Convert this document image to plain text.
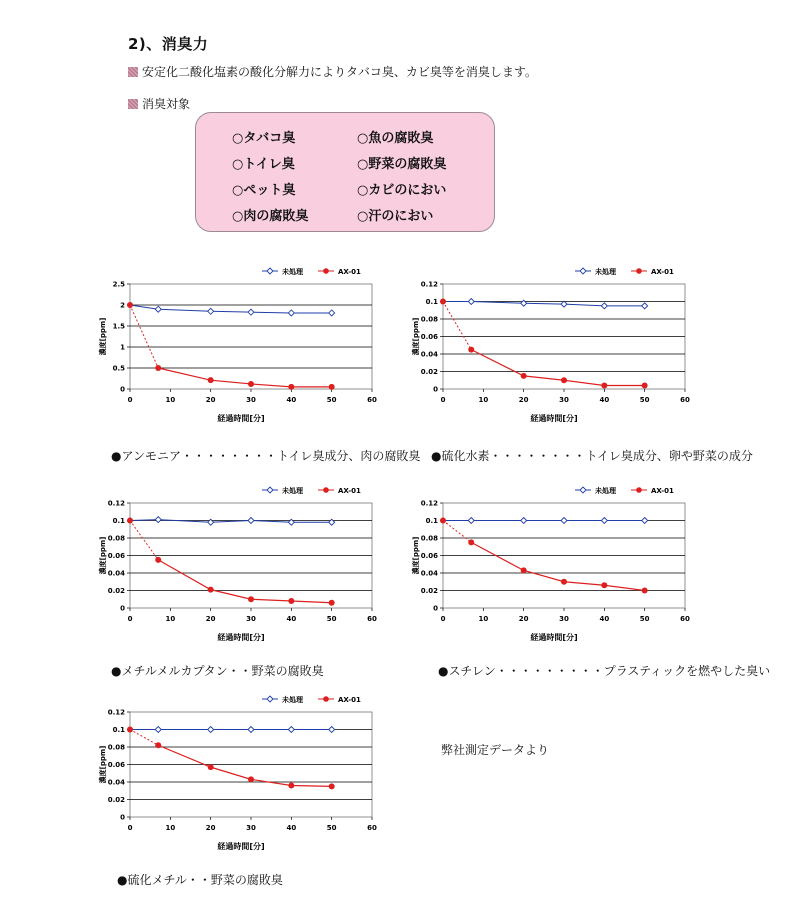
2)、消臭力
安定化二酸化塩素の酸化分解力によりタバコ臭、カビ臭等を消臭します。
消臭対象
○タバコ臭	○魚の腐敗臭
○トイレ臭	○野菜の腐敗臭
○ペット臭	○カビのにおい
○肉の腐敗臭	○汗のにおい
0
0.5
1
1.5
2
2.5
0	10	20	30	40	50	60
経過時間[分]
濃度[ppm]
未処理	AX-01
0
0.02
0.04
0.06
0.08
0.1
0.12
0	10	20	30	40	50	60
経過時間[分]
濃度[ppm]
未処理	AX-01
0
0.02
0.04
0.06
0.08
0.1
0.12
0	10	20	30	40	50	60
経過時間[分]
濃度[ppm]
未処理	AX-01
0
0.02
0.04
0.06
0.08
0.1
0.12
0	10	20	30	40	50	60
経過時間[分]
濃度[ppm]
未処理	AX-01
0
0.02
0.04
0.06
0.08
0.1
0.12
0	10	20	30	40	50	60
経過時間[分]
濃度[ppm]
未処理	AX-01
●アンモニア・・・・・・・・トイレ臭成分、肉の腐敗臭 ●硫化水素・・・・・・・・トイレ臭成分、卵や野菜の成分
●メチルメルカプタン・・野菜の腐敗臭	●スチレン・・・・・・・・・プラスティックを燃やした臭い
●硫化メチル・・野菜の腐敗臭
弊社測定データより
